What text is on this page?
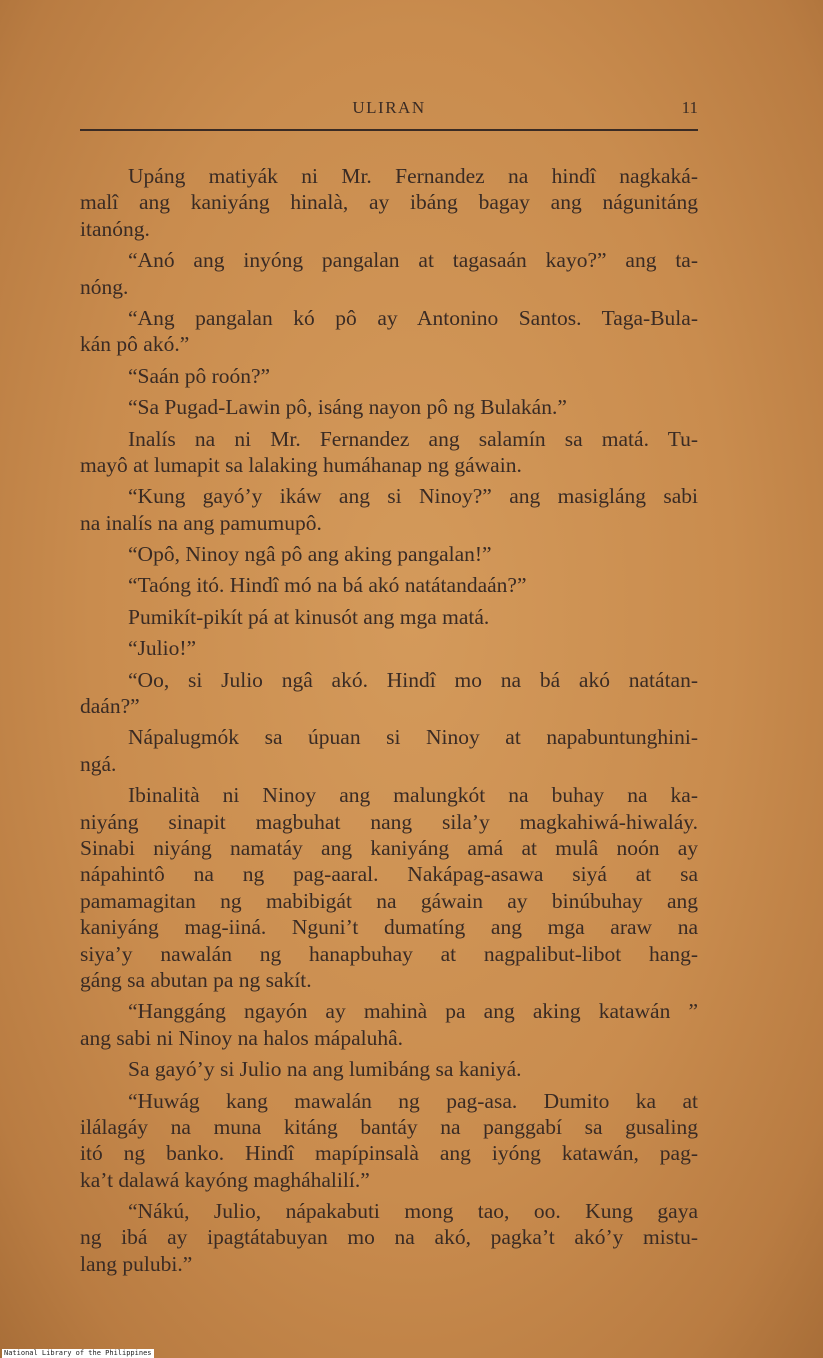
ULIRAN	11
Upáng matiyák ni Mr. Fernandez na hindî nagkaká-
malî ang kaniyáng hinalà, ay ibáng bagay ang nágunitáng
itanóng.
“Anó ang inyóng pangalan at tagasaán kayo?” ang ta-
nóng.
“Ang pangalan kó pô ay Antonino Santos. Taga-Bula-
kán pô akó.”
“Saán pô roón?”
“Sa Pugad-Lawin pô, isáng nayon pô ng Bulakán.”
Inalís na ni Mr. Fernandez ang salamín sa matá. Tu-
mayô at lumapit sa lalaking humáhanap ng gáwain.
“Kung gayó’y ikáw ang si Ninoy?” ang masigláng sabi
na inalís na ang pamumupô.
“Opô, Ninoy ngâ pô ang aking pangalan!”
“Taóng itó. Hindî mó na bá akó natátandaán?”
Pumikít-pikít pá at kinusót ang mga matá.
“Julio!”
“Oo, si Julio ngâ akó. Hindî mo na bá akó natátan-
daán?”
Nápalugmók sa úpuan si Ninoy at napabuntunghini-
ngá.
Ibinalità ni Ninoy ang malungkót na buhay na ka-
niyáng sinapit magbuhat nang sila’y magkahiwá-hiwaláy.
Sinabi niyáng namatáy ang kaniyáng amá at mulâ noón ay
nápahintô na ng pag-aaral. Nakápag-asawa siyá at sa
pamamagitan ng mabibigát na gáwain ay binúbuhay ang
kaniyáng mag-iiná. Nguni’t dumatíng ang mga araw na
siya’y nawalán ng hanapbuhay at nagpalibut-libot hang-
gáng sa abutan pa ng sakít.
“Hanggáng ngayón ay mahinà pa ang aking katawán ”
ang sabi ni Ninoy na halos mápaluhâ.
Sa gayó’y si Julio na ang lumibáng sa kaniyá.
“Huwág kang mawalán ng pag-asa. Dumito ka at
ilálagáy na muna kitáng bantáy na panggabí sa gusaling
itó ng banko. Hindî mapípinsalà ang iyóng katawán, pag-
ka’t dalawá kayóng magháhalilí.”
“Nákú, Julio, nápakabuti mong tao, oo. Kung gaya
ng ibá ay ipagtátabuyan mo na akó, pagka’t akó’y mistu-
lang pulubi.”
National Library of the Philippines
